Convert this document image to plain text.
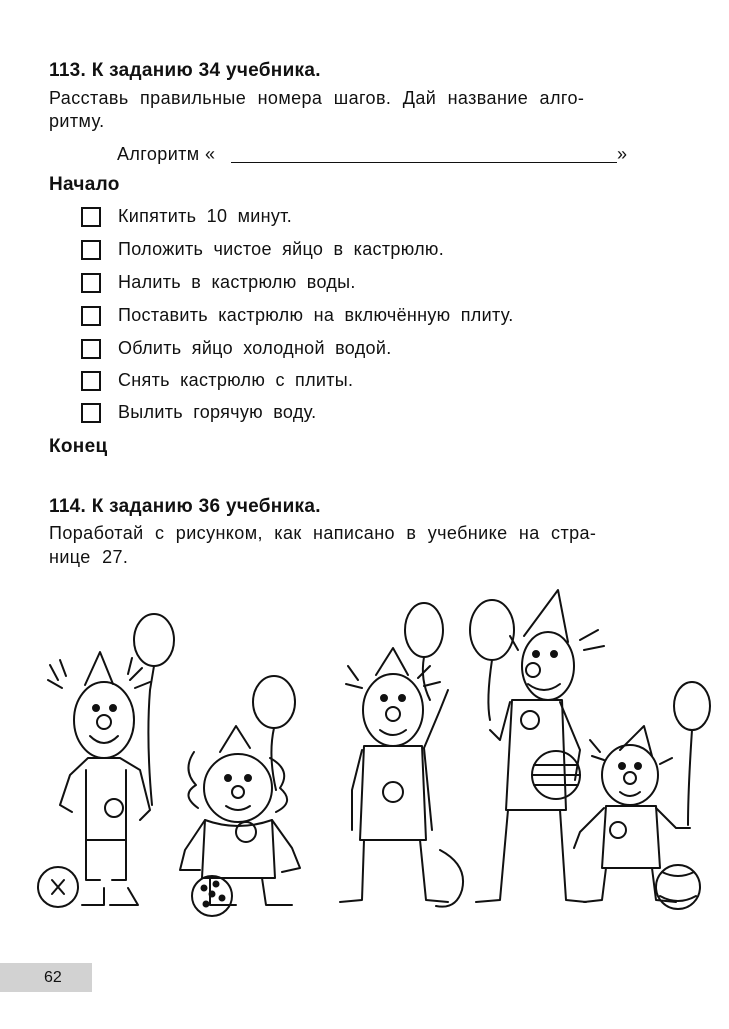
113. К заданию 34 учебника.
Расставь правильные номера шагов. Дай название алго-
ритму.
Алгоритм «	»
Начало
Кипятить 10 минут.
Положить чистое яйцо в кастрюлю.
Налить в кастрюлю воды.
Поставить кастрюлю на включённую плиту.
Облить яйцо холодной водой.
Снять кастрюлю с плиты.
Вылить горячую воду.
Конец
114. К заданию 36 учебника.
Поработай с рисунком, как написано в учебнике на стра-
нице 27.
62
